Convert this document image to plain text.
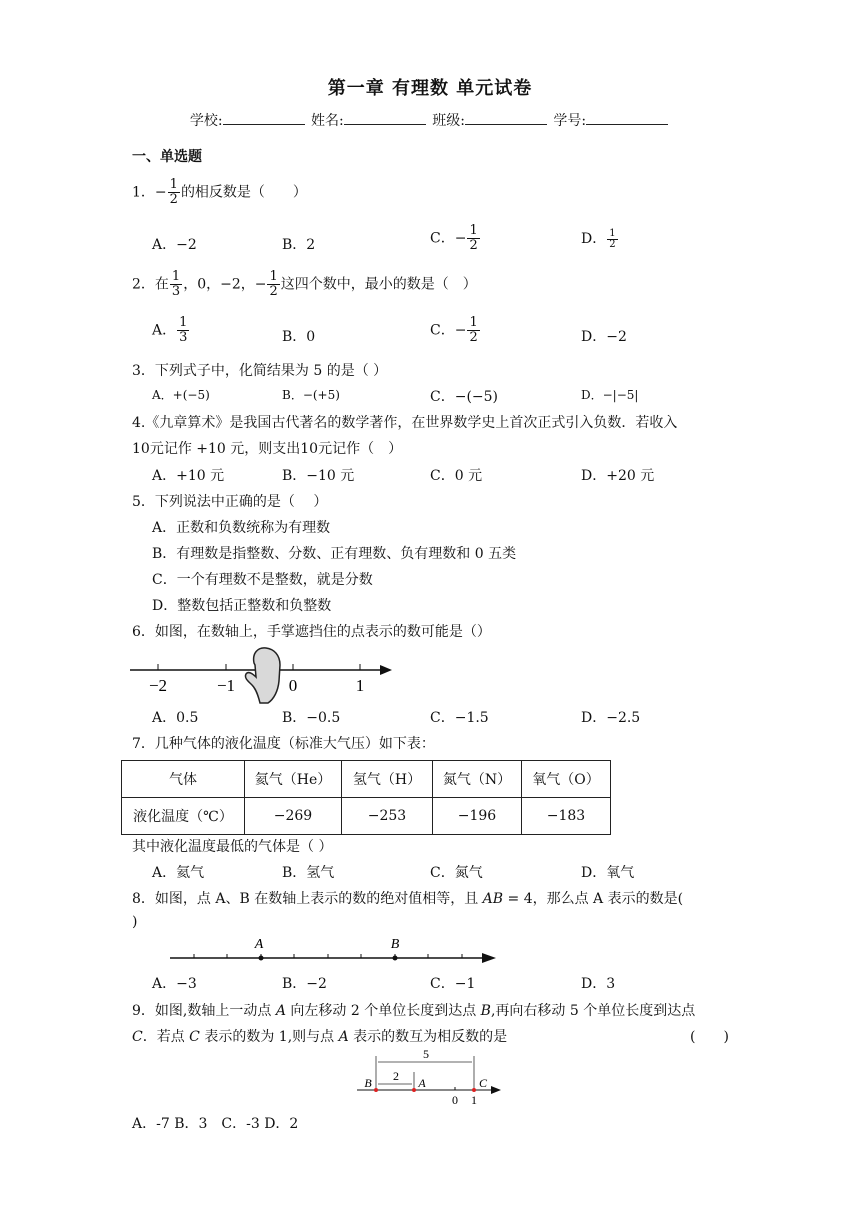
第一章 有理数 单元试卷
学校:	姓名:	班级:	学号:
一、单选题
1．− $\frac{1}{2}$ 的相反数是（　　）
A．−2	B．2	C．− $\frac{1}{2}$	D． $\frac{1}{2}$
2．在 $\frac{1}{3}$ ，0，−2，− $\frac{1}{2}$ 这四个数中，最小的数是（　）
A． $\frac{1}{3}$	B．0	C．− $\frac{1}{2}$	D．−2
3．下列式子中，化简结果为 5 的是（ ）
A．+(−5)	B．−(+5)	C．−(−5)	D．−|−5|
4.《九章算术》是我国古代著名的数学著作，在世界数学史上首次正式引入负数．若收入
10元记作 +10 元，则支出10元记作（　）
A．+10 元	B．−10 元	C．0 元	D．+20 元
5．下列说法中正确的是（　 ）
A．正数和负数统称为有理数
B．有理数是指整数、分数、正有理数、负有理数和 0 五类
C．一个有理数不是整数，就是分数
D．整数包括正整数和负整数
6．如图，在数轴上，手掌遮挡住的点表示的数可能是（）
−2	−1	0	1
A．0.5	B．−0.5	C．−1.5	D．−2.5
7．几种气体的液化温度（标准大气压）如下表：
气体	氦气（He）	氢气（H）	氮气（N）	氧气（O）
液化温度（℃）	−269	−253	−196	−183
其中液化温度最低的气体是（ ）
A．氦气	B．氢气	C．氮气	D．氧气
8．如图，点 A、B 在数轴上表示的数的绝对值相等，且 AB = 4，那么点 A 表示的数是(
)
A	B
A．−3	B．−2	C．−1	D．3
9．如图,数轴上一动点 A 向左移动 2 个单位长度到达点 B,再向右移动 5 个单位长度到达点
C．若点 C 表示的数为 1,则与点 A 表示的数互为相反数的是	(　　)
5
2
B	A	C
0 1
A．-7 B．3　C．-3 D．2
